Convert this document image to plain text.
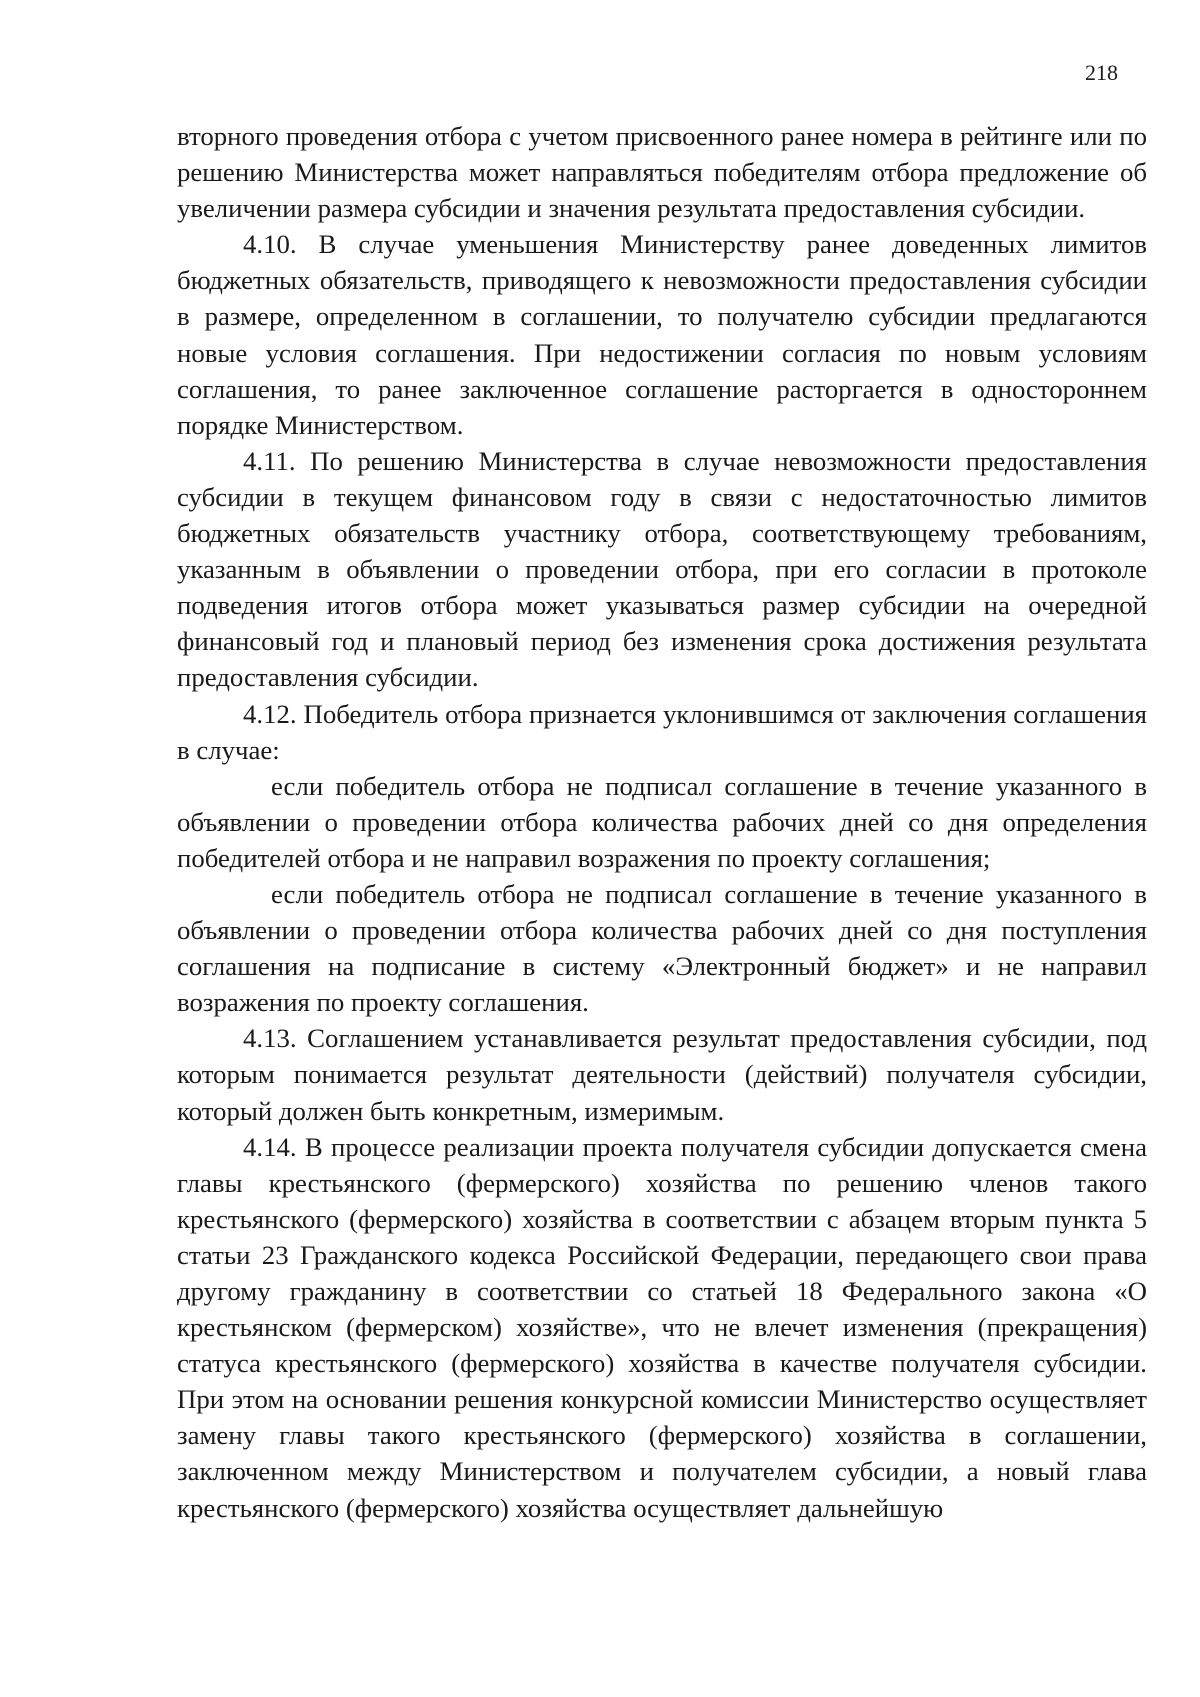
218

вторного проведения отбора с учетом присвоенного ранее номера в рейтинге или по решению Министерства может направляться победителям отбора предложение об увеличении размера субсидии и значения результата предоставления субсидии.

4.10. В случае уменьшения Министерству ранее доведенных лимитов бюджетных обязательств, приводящего к невозможности предоставления субсидии в размере, определенном в соглашении, то получателю субсидии предлагаются новые условия соглашения. При недостижении согласия по новым условиям соглашения, то ранее заключенное соглашение расторгается в одностороннем порядке Министерством.

4.11. По решению Министерства в случае невозможности предоставления субсидии в текущем финансовом году в связи с недостаточностью лимитов бюджетных обязательств участнику отбора, соответствующему требованиям, указанным в объявлении о проведении отбора, при его согласии в протоколе подведения итогов отбора может указываться размер субсидии на очередной финансовый год и плановый период без изменения срока достижения результата предоставления субсидии.

4.12. Победитель отбора признается уклонившимся от заключения соглашения в случае:

если победитель отбора не подписал соглашение в течение указанного в объявлении о проведении отбора количества рабочих дней со дня определения победителей отбора и не направил возражения по проекту соглашения;

если победитель отбора не подписал соглашение в течение указанного в объявлении о проведении отбора количества рабочих дней со дня поступления соглашения на подписание в систему «Электронный бюджет» и не направил возражения по проекту соглашения.

4.13. Соглашением устанавливается результат предоставления субсидии, под которым понимается результат деятельности (действий) получателя субсидии, который должен быть конкретным, измеримым.

4.14. В процессе реализации проекта получателя субсидии допускается смена главы крестьянского (фермерского) хозяйства по решению членов такого крестьянского (фермерского) хозяйства в соответствии с абзацем вторым пункта 5 статьи 23 Гражданского кодекса Российской Федерации, передающего свои права другому гражданину в соответствии со статьей 18 Федерального закона «О крестьянском (фермерском) хозяйстве», что не влечет изменения (прекращения) статуса крестьянского (фермерского) хозяйства в качестве получателя субсидии. При этом на основании решения конкурсной комиссии Министерство осуществляет замену главы такого крестьянского (фермерского) хозяйства в соглашении, заключенном между Министерством и получателем субсидии, а новый глава крестьянского (фермерского) хозяйства осуществляет дальнейшую
